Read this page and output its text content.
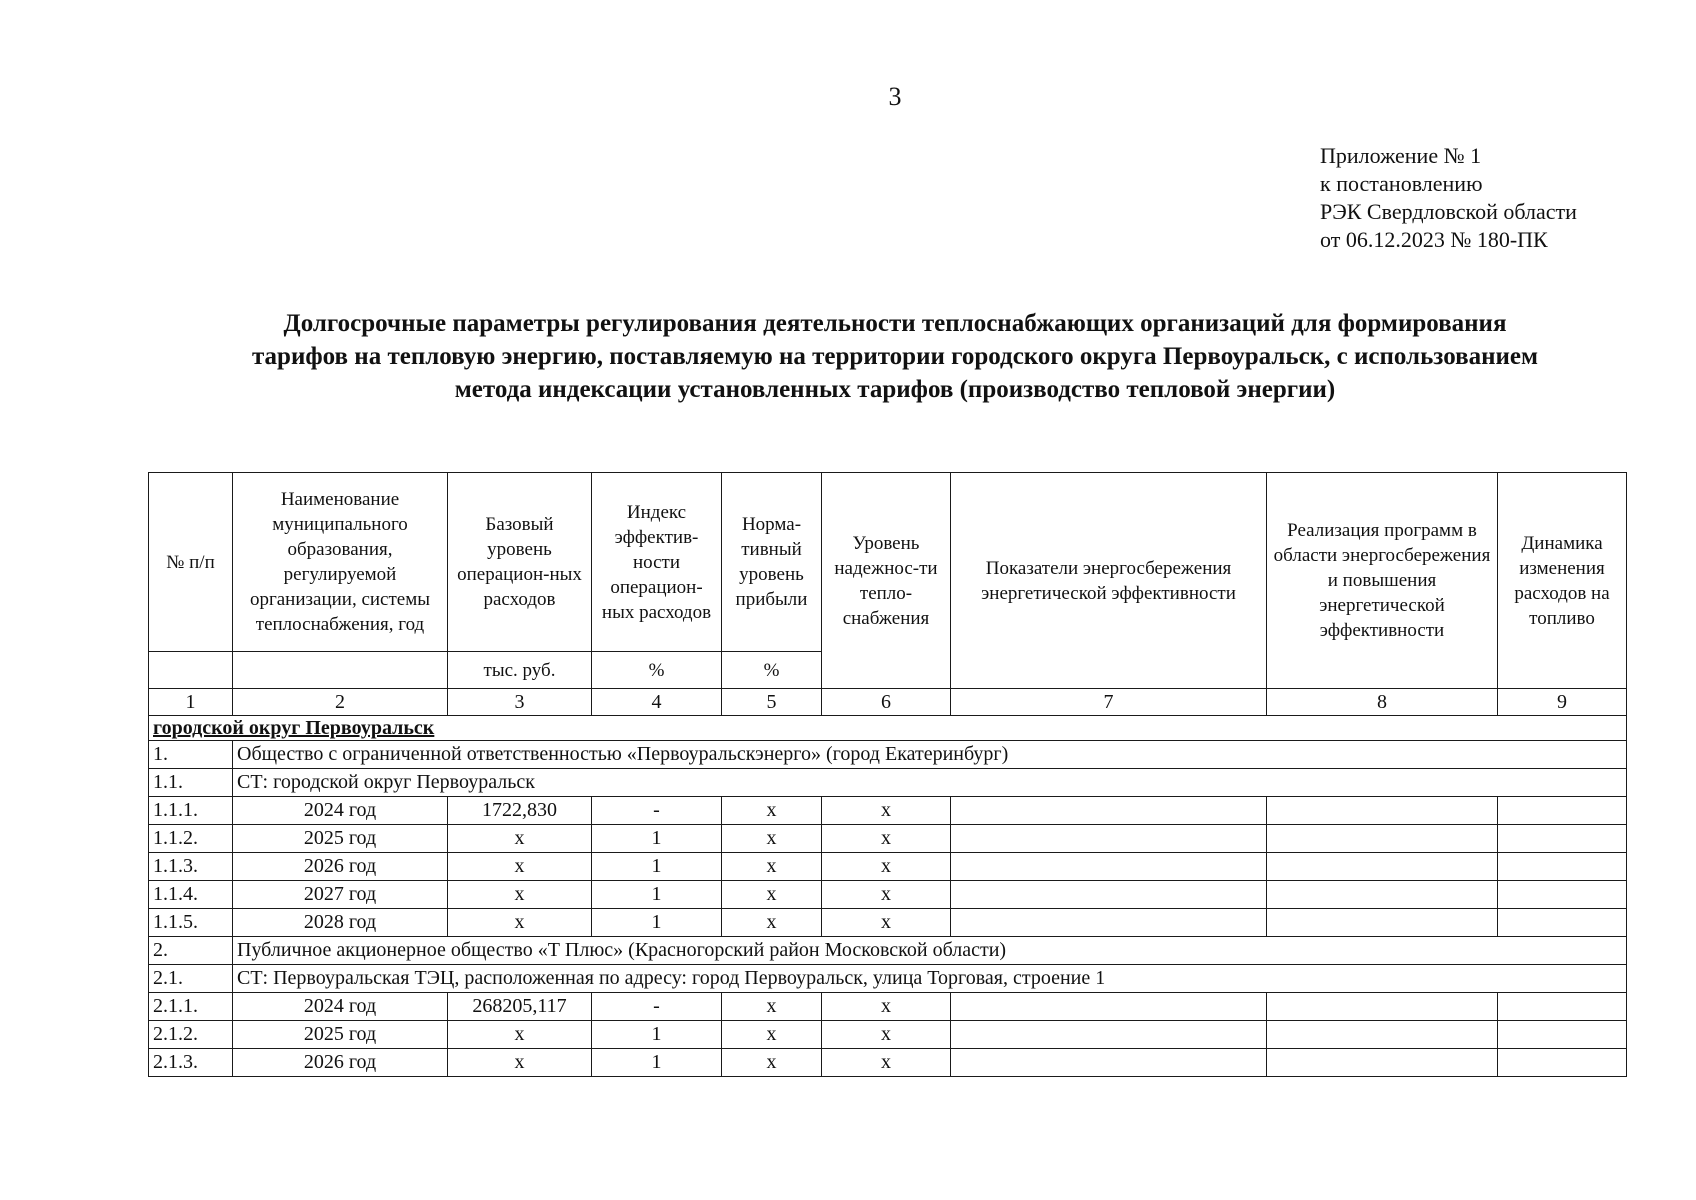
3
Приложение № 1
к постановлению
РЭК Свердловской области
от 06.12.2023 № 180-ПК
Долгосрочные параметры регулирования деятельности теплоснабжающих организаций для формирования
тарифов на тепловую энергию, поставляемую на территории городского округа Первоуральск, с использованием
метода индексации установленных тарифов (производство тепловой энергии)
№ п/п	Наименование муниципального образования, регулируемой организации, системы теплоснабжения, год	Базовый уровень операцион-ных расходов	Индекс эффектив-ности операцион-ных расходов	Норма-тивный уровень прибыли	Уровень надежнос-ти тепло-снабжения	Показатели энергосбережения энергетической эффективности	Реализация программ в области энергосбережения и повышения энергетической эффективности	Динамика изменения расходов на топливо
		тыс. руб.	%	%				
1	2	3	4	5	6	7	8	9
городской округ Первоуральск								
1.	Общество с ограниченной ответственностью «Первоуральскэнерго» (город Екатеринбург)							
1.1.	СТ: городской округ Первоуральск							
1.1.1.	2024 год	1722,830	-	х	х			
1.1.2.	2025 год	х	1	х	х			
1.1.3.	2026 год	х	1	х	х			
1.1.4.	2027 год	х	1	х	х			
1.1.5.	2028 год	х	1	х	х			
2.	Публичное акционерное общество «Т Плюс» (Красногорский район Московской области)							
2.1.	СТ: Первоуральская ТЭЦ, расположенная по адресу: город Первоуральск, улица Торговая, строение 1							
2.1.1.	2024 год	268205,117	-	х	х			
2.1.2.	2025 год	х	1	х	х			
2.1.3.	2026 год	х	1	х	х			
